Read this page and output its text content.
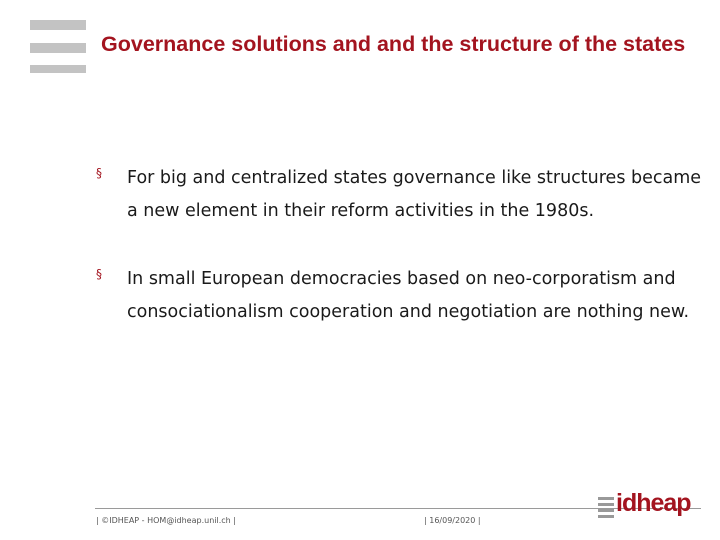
Governance solutions and and the structure of the states
§ For big and centralized states governance like structures became a new element in their reform activities in the 1980s.
§ In small European democracies based on neo-corporatism and consociationalism cooperation and negotiation are nothing new.
| ©IDHEAP - HOM@idheap.unil.ch |	| 16/09/2020 |
idheap
